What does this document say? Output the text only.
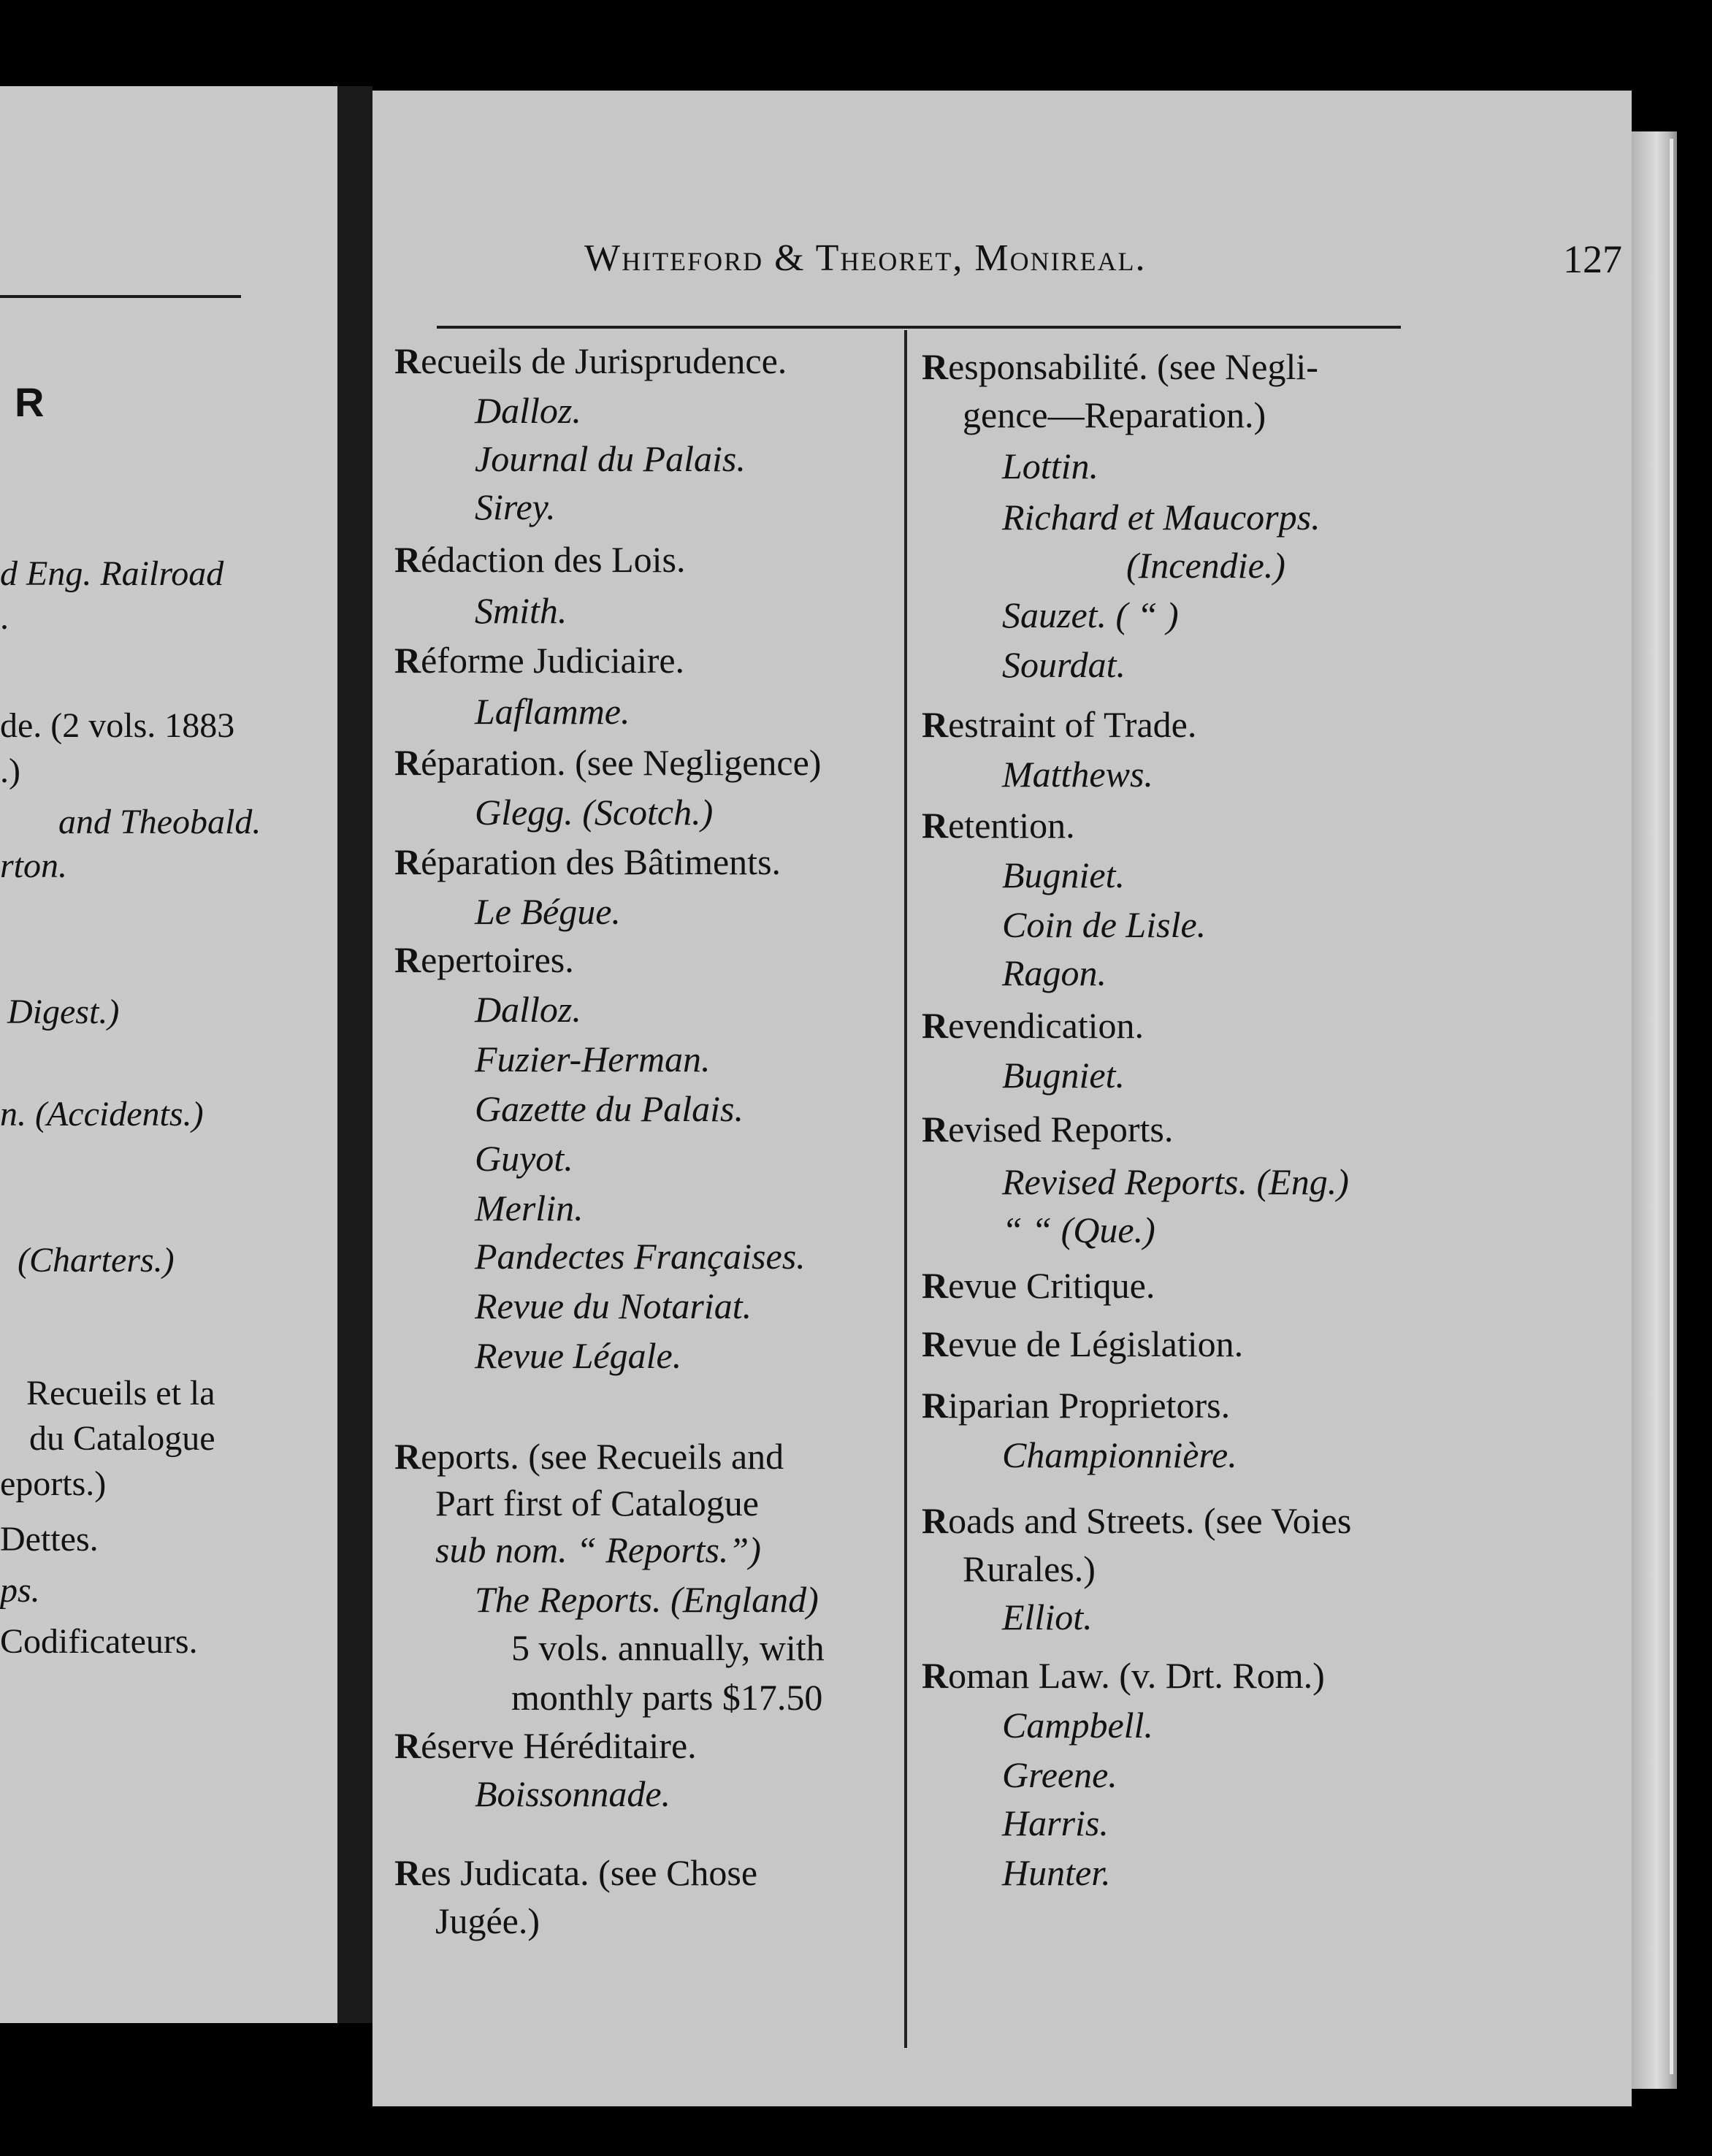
R
d Eng. Railroad
.
de. (2 vols. 1883
.)
and Theobald.
rton.
Digest.)
n. (Accidents.)
(Charters.)
Recueils et la
du Catalogue
eports.)
Dettes.
ps.
Codificateurs.
Whiteford & Theoret, Monireal.	127
Recueils de Jurisprudence.
Dalloz.
Journal du Palais.
Sirey.
Rédaction des Lois.
Smith.
Réforme Judiciaire.
Laflamme.
Réparation. (see Negligence)
Glegg. (Scotch.)
Réparation des Bâtiments.
Le Bégue.
Repertoires.
Dalloz.
Fuzier-Herman.
Gazette du Palais.
Guyot.
Merlin.
Pandectes Françaises.
Revue du Notariat.
Revue Légale.
Reports. (see Recueils and
Part first of Catalogue
sub nom. “ Reports.”)
The Reports. (England)
5 vols. annually, with
monthly parts $17.50
Réserve Héréditaire.
Boissonnade.
Res Judicata. (see Chose
Jugée.)
Responsabilité. (see Negli-
gence—Reparation.)
Lottin.
Richard et Maucorps.
(Incendie.)
Sauzet. ( “ )
Sourdat.
Restraint of Trade.
Matthews.
Retention.
Bugniet.
Coin de Lisle.
Ragon.
Revendication.
Bugniet.
Revised Reports.
Revised Reports. (Eng.)
“ “ (Que.)
Revue Critique.
Revue de Législation.
Riparian Proprietors.
Championnière.
Roads and Streets. (see Voies
Rurales.)
Elliot.
Roman Law. (v. Drt. Rom.)
Campbell.
Greene.
Harris.
Hunter.
